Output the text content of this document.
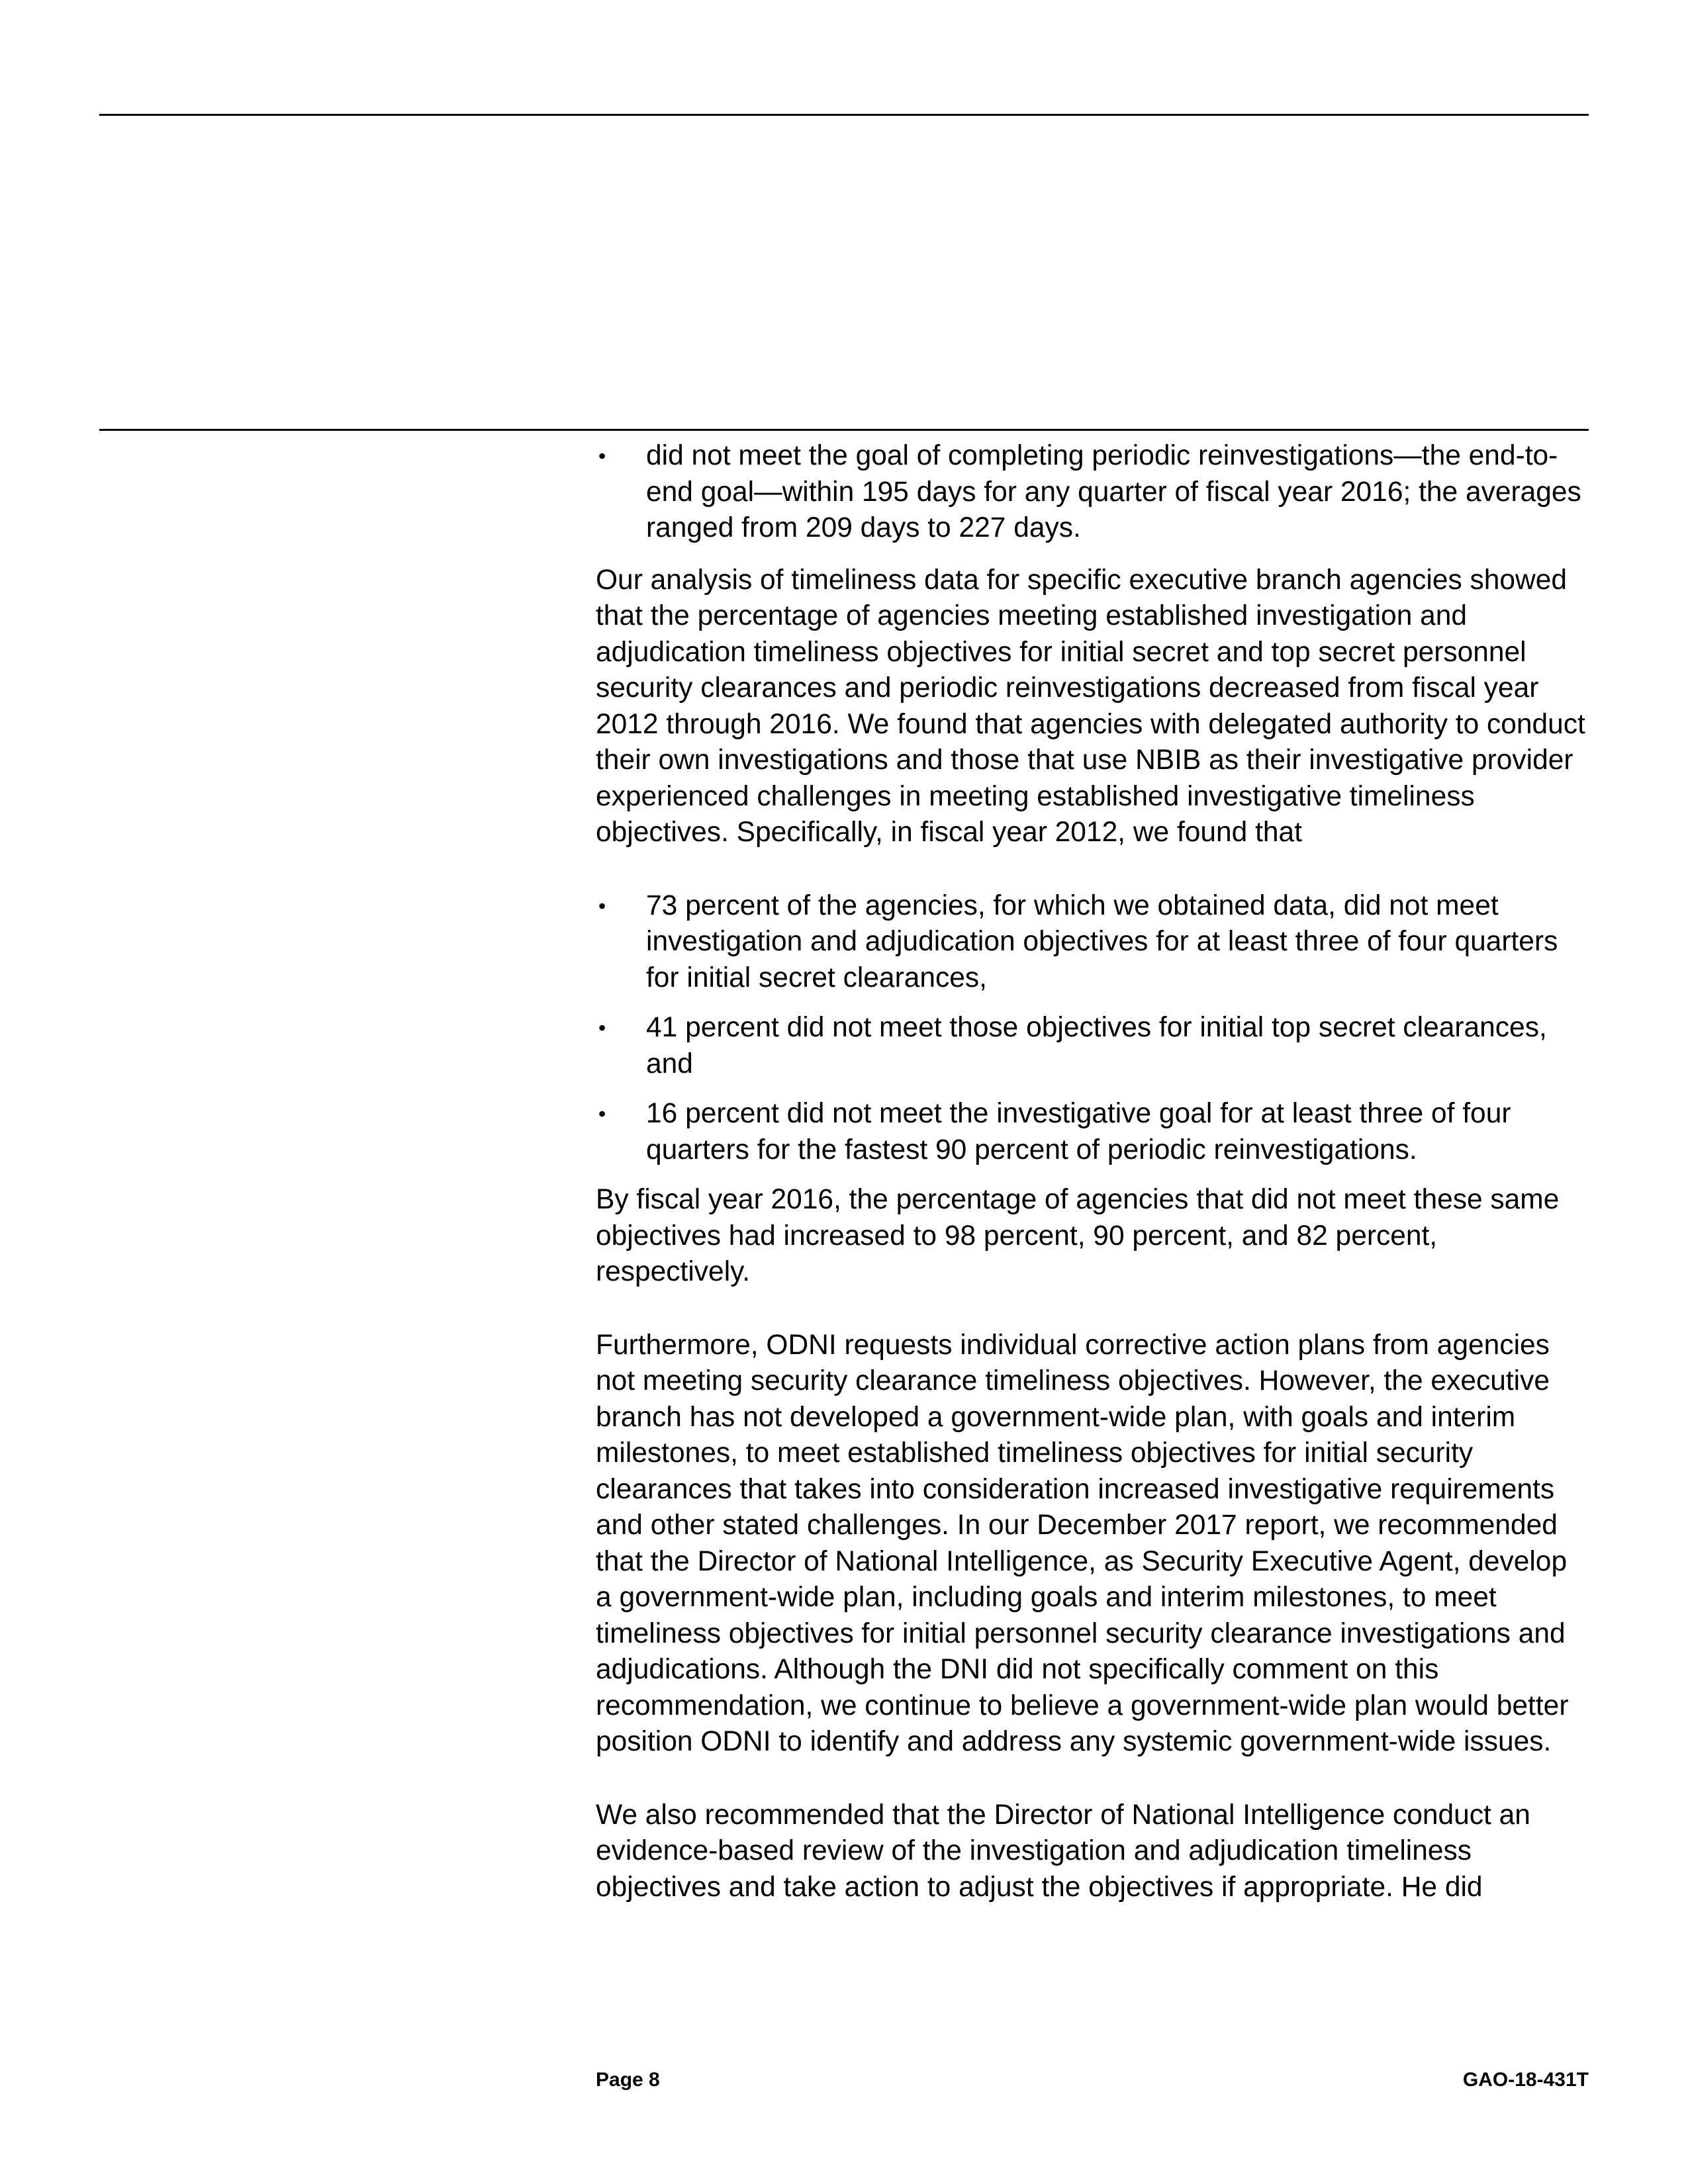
• did not meet the goal of completing periodic reinvestigations—the end-to-end goal—within 195 days for any quarter of fiscal year 2016; the averages ranged from 209 days to 227 days.

Our analysis of timeliness data for specific executive branch agencies showed that the percentage of agencies meeting established investigation and adjudication timeliness objectives for initial secret and top secret personnel security clearances and periodic reinvestigations decreased from fiscal year 2012 through 2016. We found that agencies with delegated authority to conduct their own investigations and those that use NBIB as their investigative provider experienced challenges in meeting established investigative timeliness objectives. Specifically, in fiscal year 2012, we found that

• 73 percent of the agencies, for which we obtained data, did not meet investigation and adjudication objectives for at least three of four quarters for initial secret clearances,
• 41 percent did not meet those objectives for initial top secret clearances, and
• 16 percent did not meet the investigative goal for at least three of four quarters for the fastest 90 percent of periodic reinvestigations.

By fiscal year 2016, the percentage of agencies that did not meet these same objectives had increased to 98 percent, 90 percent, and 82 percent, respectively.

Furthermore, ODNI requests individual corrective action plans from agencies not meeting security clearance timeliness objectives. However, the executive branch has not developed a government-wide plan, with goals and interim milestones, to meet established timeliness objectives for initial security clearances that takes into consideration increased investigative requirements and other stated challenges. In our December 2017 report, we recommended that the Director of National Intelligence, as Security Executive Agent, develop a government-wide plan, including goals and interim milestones, to meet timeliness objectives for initial personnel security clearance investigations and adjudications. Although the DNI did not specifically comment on this recommendation, we continue to believe a government-wide plan would better position ODNI to identify and address any systemic government-wide issues.

We also recommended that the Director of National Intelligence conduct an evidence-based review of the investigation and adjudication timeliness objectives and take action to adjust the objectives if appropriate. He did

Page 8	GAO-18-431T
